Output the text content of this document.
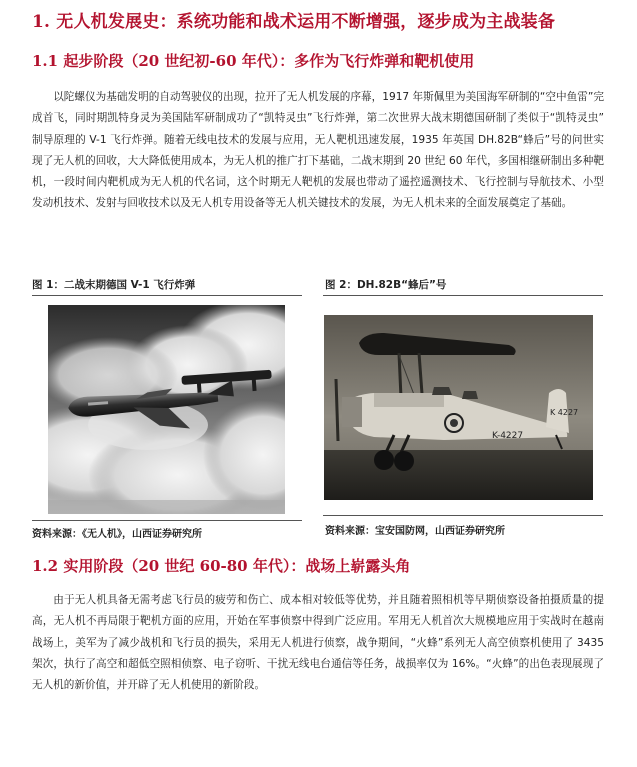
1. 无人机发展史：系统功能和战术运用不断增强，逐步成为主战装备
1.1 起步阶段（20 世纪初-60 年代）：多作为飞行炸弹和靶机使用
以陀螺仪为基础发明的自动驾驶仪的出现，拉开了无人机发展的序幕，1917 年斯佩里为美国海军研制的“空中鱼雷”完成首飞，同时期凯特身灵为美国陆军研制成功了“凯特灵虫”飞行炸弹，第二次世界大战末期德国研制了类似于“凯特灵虫” 制导原理的 V-1 飞行炸弹。随着无线电技术的发展与应用，无人靶机迅速发展，1935 年英国 DH.82B“蜂后”号的问世实现了无人机的回收，大大降低使用成本，为无人机的推广打下基础，二战末期到 20 世纪 60 年代，多国相继研制出多种靶机，一段时间内靶机成为无人机的代名词，这个时期无人靶机的发展也带动了遥控遥测技术、飞行控制与导航技术、小型发动机技术、发射与回收技术以及无人机专用设备等无人机关键技术的发展，为无人机未来的全面发展奠定了基础。
图 1：二战末期德国 V-1 飞行炸弹
资料来源：《无人机》，山西证券研究所
图 2：DH.82B“蜂后”号
K 4227
K-4227
资料来源：宝安国防网，山西证券研究所
1.2 实用阶段（20 世纪 60-80 年代）：战场上崭露头角
由于无人机具备无需考虑飞行员的疲劳和伤亡、成本相对较低等优势，并且随着照相机等早期侦察设备拍摄质量的提高，无人机不再局限于靶机方面的应用，开始在军事侦察中得到广泛应用。军用无人机首次大规模地应用于实战时在越南战场上，美军为了减少战机和飞行员的损失，采用无人机进行侦察，战争期间，“火蜂”系列无人高空侦察机使用了 3435 架次，执行了高空和超低空照相侦察、电子窃听、干扰无线电台通信等任务，战损率仅为 16%。“火蜂”的出色表现展现了无人机的新价值，并开辟了无人机使用的新阶段。
